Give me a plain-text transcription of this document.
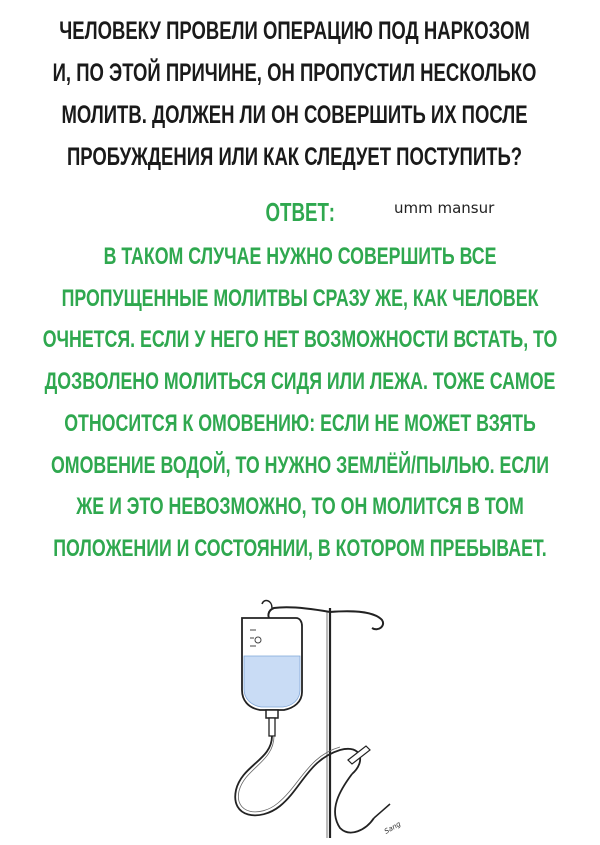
ЧЕЛОВЕКУ ПРОВЕЛИ ОПЕРАЦИЮ ПОД НАРКОЗОМ
И, ПО ЭТОЙ ПРИЧИНЕ, ОН ПРОПУСТИЛ НЕСКОЛЬКО
МОЛИТВ. ДОЛЖЕН ЛИ ОН СОВЕРШИТЬ ИХ ПОСЛЕ
ПРОБУЖДЕНИЯ ИЛИ КАК СЛЕДУЕТ ПОСТУПИТЬ?
ОТВЕТ:	umm mansur
В ТАКОМ СЛУЧАЕ НУЖНО СОВЕРШИТЬ ВСЕ
ПРОПУЩЕННЫЕ МОЛИТВЫ СРАЗУ ЖЕ, КАК ЧЕЛОВЕК
ОЧНЕТСЯ. ЕСЛИ У НЕГО НЕТ ВОЗМОЖНОСТИ ВСТАТЬ, ТО
ДОЗВОЛЕНО МОЛИТЬСЯ СИДЯ ИЛИ ЛЕЖА. ТОЖЕ САМОЕ
ОТНОСИТСЯ К ОМОВЕНИЮ: ЕСЛИ НЕ МОЖЕТ ВЗЯТЬ
ОМОВЕНИЕ ВОДОЙ, ТО НУЖНО ЗЕМЛЁЙ/ПЫЛЬЮ. ЕСЛИ
ЖЕ И ЭТО НЕВОЗМОЖНО, ТО ОН МОЛИТСЯ В ТОМ
ПОЛОЖЕНИИ И СОСТОЯНИИ, В КОТОРОМ ПРЕБЫВАЕТ.
Sang
